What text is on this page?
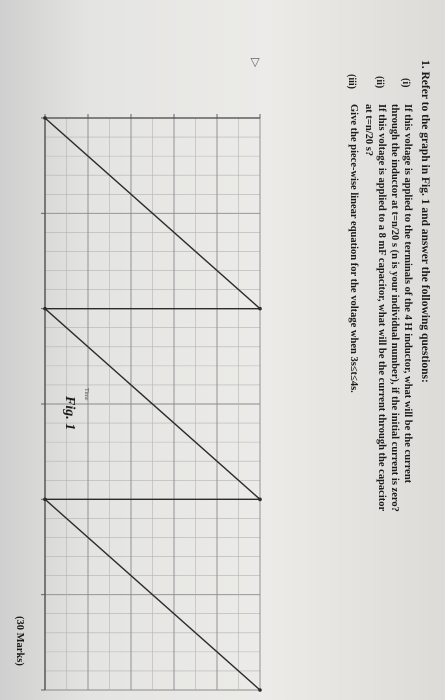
1. Refer to the graph in Fig. 1 and answer the following questions:
(i)
If this voltage is applied to the terminals of the 4 H inductor, what will be the current
through the inductor at t=n/20 s (n is your individual number), if the initial current is zero?
(ii)
If this voltage is applied to a 8 mF capacitor, what will be the current through the capacitor
at t=n/20 s?
(iii)
Give the piece-wise linear equation for the voltage when 3s≤t≤4s.
▷
Time
Fig. 1
(30 Marks)
